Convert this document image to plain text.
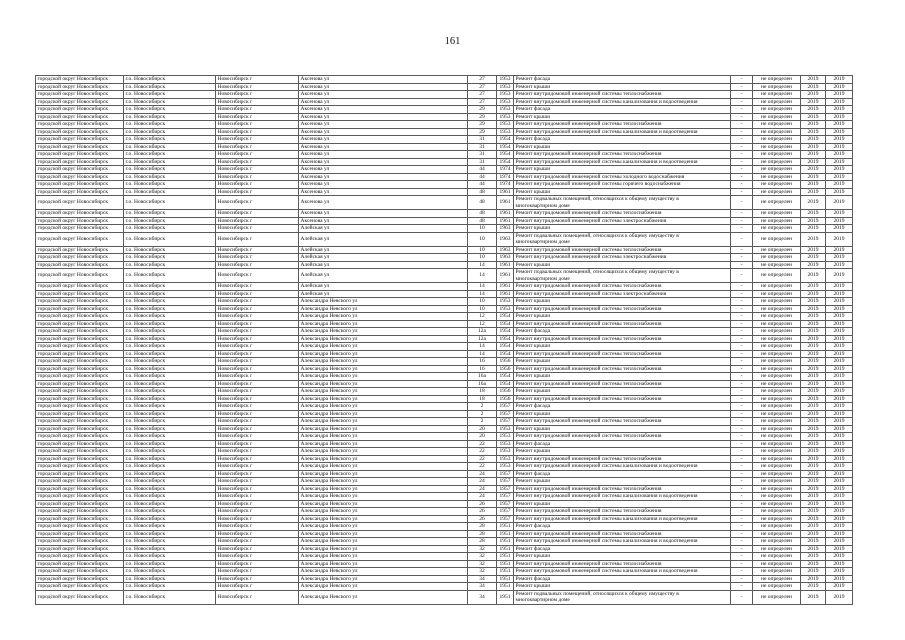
161
городской округ Новосибирск	г.о. Новосибирск	Новосибирск г	Аксенова ул	27	1953	Ремонт фасада	-	не определен	2019	2019
городской округ Новосибирск	г.о. Новосибирск	Новосибирск г	Аксенова ул	27	1953	Ремонт крыши	-	не определен	2019	2019
городской округ Новосибирск	г.о. Новосибирск	Новосибирск г	Аксенова ул	27	1953	Ремонт внутридомовой инженерной системы теплоснабжения	-	не определен	2019	2019
городской округ Новосибирск	г.о. Новосибирск	Новосибирск г	Аксенова ул	27	1953	Ремонт внутридомовой инженерной системы канализования и водоотведения	-	не определен	2019	2019
городской округ Новосибирск	г.о. Новосибирск	Новосибирск г	Аксенова ул	29	1953	Ремонт фасада	-	не определен	2019	2019
городской округ Новосибирск	г.о. Новосибирск	Новосибирск г	Аксенова ул	29	1953	Ремонт крыши	-	не определен	2019	2019
городской округ Новосибирск	г.о. Новосибирск	Новосибирск г	Аксенова ул	29	1953	Ремонт внутридомовой инженерной системы теплоснабжения	-	не определен	2019	2019
городской округ Новосибирск	г.о. Новосибирск	Новосибирск г	Аксенова ул	29	1953	Ремонт внутридомовой инженерной системы канализования и водоотведения	-	не определен	2019	2019
городской округ Новосибирск	г.о. Новосибирск	Новосибирск г	Аксенова ул	31	1954	Ремонт фасада	-	не определен	2019	2019
городской округ Новосибирск	г.о. Новосибирск	Новосибирск г	Аксенова ул	31	1954	Ремонт крыши	-	не определен	2019	2019
городской округ Новосибирск	г.о. Новосибирск	Новосибирск г	Аксенова ул	31	1954	Ремонт внутридомовой инженерной системы теплоснабжения	-	не определен	2019	2019
городской округ Новосибирск	г.о. Новосибирск	Новосибирск г	Аксенова ул	31	1954	Ремонт внутридомовой инженерной системы канализования и водоотведения	-	не определен	2019	2019
городской округ Новосибирск	г.о. Новосибирск	Новосибирск г	Аксенова ул	44	1974	Ремонт крыши	-	не определен	2019	2019
городской округ Новосибирск	г.о. Новосибирск	Новосибирск г	Аксенова ул	44	1974	Ремонт внутридомовой инженерной системы холодного водоснабжения	-	не определен	2019	2019
городской округ Новосибирск	г.о. Новосибирск	Новосибирск г	Аксенова ул	44	1974	Ремонт внутридомовой инженерной системы горячего водоснабжения	-	не определен	2019	2019
городской округ Новосибирск	г.о. Новосибирск	Новосибирск г	Аксенова ул	48	1961	Ремонт крыши	-	не определен	2019	2019
городской округ Новосибирск	г.о. Новосибирск	Новосибирск г	Аксенова ул	48	1961	Ремонт подвальных помещений, относящихся к общему имуществу в многоквартирном доме	-	не определен	2019	2019
городской округ Новосибирск	г.о. Новосибирск	Новосибирск г	Аксенова ул	48	1961	Ремонт внутридомовой инженерной системы теплоснабжения	-	не определен	2019	2019
городской округ Новосибирск	г.о. Новосибирск	Новосибирск г	Аксенова ул	48	1961	Ремонт внутридомовой инженерной системы электроснабжения	-	не определен	2019	2019
городской округ Новосибирск	г.о. Новосибирск	Новосибирск г	Алейская ул	10	1963	Ремонт крыши	-	не определен	2019	2019
городской округ Новосибирск	г.о. Новосибирск	Новосибирск г	Алейская ул	10	1963	Ремонт подвальных помещений, относящихся к общему имуществу в многоквартирном доме	-	не определен	2019	2019
городской округ Новосибирск	г.о. Новосибирск	Новосибирск г	Алейская ул	10	1963	Ремонт внутридомовой инженерной системы теплоснабжения	-	не определен	2019	2019
городской округ Новосибирск	г.о. Новосибирск	Новосибирск г	Алейская ул	10	1963	Ремонт внутридомовой инженерной системы электроснабжения	-	не определен	2019	2019
городской округ Новосибирск	г.о. Новосибирск	Новосибирск г	Алейская ул	14	1961	Ремонт крыши	-	не определен	2019	2019
городской округ Новосибирск	г.о. Новосибирск	Новосибирск г	Алейская ул	14	1961	Ремонт подвальных помещений, относящихся к общему имуществу в многоквартирном доме	-	не определен	2019	2019
городской округ Новосибирск	г.о. Новосибирск	Новосибирск г	Алейская ул	14	1961	Ремонт внутридомовой инженерной системы теплоснабжения	-	не определен	2019	2019
городской округ Новосибирск	г.о. Новосибирск	Новосибирск г	Алейская ул	14	1961	Ремонт внутридомовой инженерной системы электроснабжения	-	не определен	2019	2019
городской округ Новосибирск	г.о. Новосибирск	Новосибирск г	Александра Невского ул	10	1953	Ремонт крыши	-	не определен	2019	2019
городской округ Новосибирск	г.о. Новосибирск	Новосибирск г	Александра Невского ул	10	1953	Ремонт внутридомовой инженерной системы теплоснабжения	-	не определен	2019	2019
городской округ Новосибирск	г.о. Новосибирск	Новосибирск г	Александра Невского ул	12	1954	Ремонт крыши	-	не определен	2019	2019
городской округ Новосибирск	г.о. Новосибирск	Новосибирск г	Александра Невского ул	12	1954	Ремонт внутридомовой инженерной системы теплоснабжения	-	не определен	2019	2019
городской округ Новосибирск	г.о. Новосибирск	Новосибирск г	Александра Невского ул	12а	1954	Ремонт фасада	-	не определен	2019	2019
городской округ Новосибирск	г.о. Новосибирск	Новосибирск г	Александра Невского ул	12а	1954	Ремонт внутридомовой инженерной системы теплоснабжения	-	не определен	2019	2019
городской округ Новосибирск	г.о. Новосибирск	Новосибирск г	Александра Невского ул	14	1954	Ремонт крыши	-	не определен	2019	2019
городской округ Новосибирск	г.о. Новосибирск	Новосибирск г	Александра Невского ул	14	1954	Ремонт внутридомовой инженерной системы теплоснабжения	-	не определен	2019	2019
городской округ Новосибирск	г.о. Новосибирск	Новосибирск г	Александра Невского ул	16	1956	Ремонт крыши	-	не определен	2019	2019
городской округ Новосибирск	г.о. Новосибирск	Новосибирск г	Александра Невского ул	16	1956	Ремонт внутридомовой инженерной системы теплоснабжения	-	не определен	2019	2019
городской округ Новосибирск	г.о. Новосибирск	Новосибирск г	Александра Невского ул	16а	1954	Ремонт крыши	-	не определен	2019	2019
городской округ Новосибирск	г.о. Новосибирск	Новосибирск г	Александра Невского ул	16а	1954	Ремонт внутридомовой инженерной системы теплоснабжения	-	не определен	2019	2019
городской округ Новосибирск	г.о. Новосибирск	Новосибирск г	Александра Невского ул	18	1956	Ремонт крыши	-	не определен	2019	2019
городской округ Новосибирск	г.о. Новосибирск	Новосибирск г	Александра Невского ул	18	1956	Ремонт внутридомовой инженерной системы теплоснабжения	-	не определен	2019	2019
городской округ Новосибирск	г.о. Новосибирск	Новосибирск г	Александра Невского ул	2	1957	Ремонт фасада	-	не определен	2019	2019
городской округ Новосибирск	г.о. Новосибирск	Новосибирск г	Александра Невского ул	2	1957	Ремонт крыши	-	не определен	2019	2019
городской округ Новосибирск	г.о. Новосибирск	Новосибирск г	Александра Невского ул	2	1957	Ремонт внутридомовой инженерной системы теплоснабжения	-	не определен	2019	2019
городской округ Новосибирск	г.о. Новосибирск	Новосибирск г	Александра Невского ул	20	1953	Ремонт крыши	-	не определен	2019	2019
городской округ Новосибирск	г.о. Новосибирск	Новосибирск г	Александра Невского ул	20	1953	Ремонт внутридомовой инженерной системы теплоснабжения	-	не определен	2019	2019
городской округ Новосибирск	г.о. Новосибирск	Новосибирск г	Александра Невского ул	22	1953	Ремонт фасада	-	не определен	2019	2019
городской округ Новосибирск	г.о. Новосибирск	Новосибирск г	Александра Невского ул	22	1953	Ремонт крыши	-	не определен	2019	2019
городской округ Новосибирск	г.о. Новосибирск	Новосибирск г	Александра Невского ул	22	1953	Ремонт внутридомовой инженерной системы теплоснабжения	-	не определен	2019	2019
городской округ Новосибирск	г.о. Новосибирск	Новосибирск г	Александра Невского ул	22	1953	Ремонт внутридомовой инженерной системы канализования и водоотведения	-	не определен	2019	2019
городской округ Новосибирск	г.о. Новосибирск	Новосибирск г	Александра Невского ул	24	1957	Ремонт фасада	-	не определен	2019	2019
городской округ Новосибирск	г.о. Новосибирск	Новосибирск г	Александра Невского ул	24	1957	Ремонт крыши	-	не определен	2019	2019
городской округ Новосибирск	г.о. Новосибирск	Новосибирск г	Александра Невского ул	24	1957	Ремонт внутридомовой инженерной системы теплоснабжения	-	не определен	2019	2019
городской округ Новосибирск	г.о. Новосибирск	Новосибирск г	Александра Невского ул	24	1957	Ремонт внутридомовой инженерной системы канализования и водоотведения	-	не определен	2019	2019
городской округ Новосибирск	г.о. Новосибирск	Новосибирск г	Александра Невского ул	26	1957	Ремонт крыши	-	не определен	2019	2019
городской округ Новосибирск	г.о. Новосибирск	Новосибирск г	Александра Невского ул	26	1957	Ремонт внутридомовой инженерной системы теплоснабжения	-	не определен	2019	2019
городской округ Новосибирск	г.о. Новосибирск	Новосибирск г	Александра Невского ул	26	1957	Ремонт внутридомовой инженерной системы канализования и водоотведения	-	не определен	2019	2019
городской округ Новосибирск	г.о. Новосибирск	Новосибирск г	Александра Невского ул	28	1951	Ремонт фасада	-	не определен	2019	2019
городской округ Новосибирск	г.о. Новосибирск	Новосибирск г	Александра Невского ул	28	1951	Ремонт внутридомовой инженерной системы теплоснабжения	-	не определен	2019	2019
городской округ Новосибирск	г.о. Новосибирск	Новосибирск г	Александра Невского ул	28	1951	Ремонт внутридомовой инженерной системы канализования и водоотведения	-	не определен	2019	2019
городской округ Новосибирск	г.о. Новосибирск	Новосибирск г	Александра Невского ул	32	1951	Ремонт фасада	-	не определен	2019	2019
городской округ Новосибирск	г.о. Новосибирск	Новосибирск г	Александра Невского ул	32	1951	Ремонт крыши	-	не определен	2019	2019
городской округ Новосибирск	г.о. Новосибирск	Новосибирск г	Александра Невского ул	32	1951	Ремонт внутридомовой инженерной системы теплоснабжения	-	не определен	2019	2019
городской округ Новосибирск	г.о. Новосибирск	Новосибирск г	Александра Невского ул	32	1951	Ремонт внутридомовой инженерной системы канализования и водоотведения	-	не определен	2019	2019
городской округ Новосибирск	г.о. Новосибирск	Новосибирск г	Александра Невского ул	34	1951	Ремонт фасада	-	не определен	2019	2019
городской округ Новосибирск	г.о. Новосибирск	Новосибирск г	Александра Невского ул	34	1951	Ремонт крыши	-	не определен	2019	2019
городской округ Новосибирск	г.о. Новосибирск	Новосибирск г	Александра Невского ул	34	1951	Ремонт подвальных помещений, относящихся к общему имуществу в многоквартирном доме	-	не определен	2019	2019
